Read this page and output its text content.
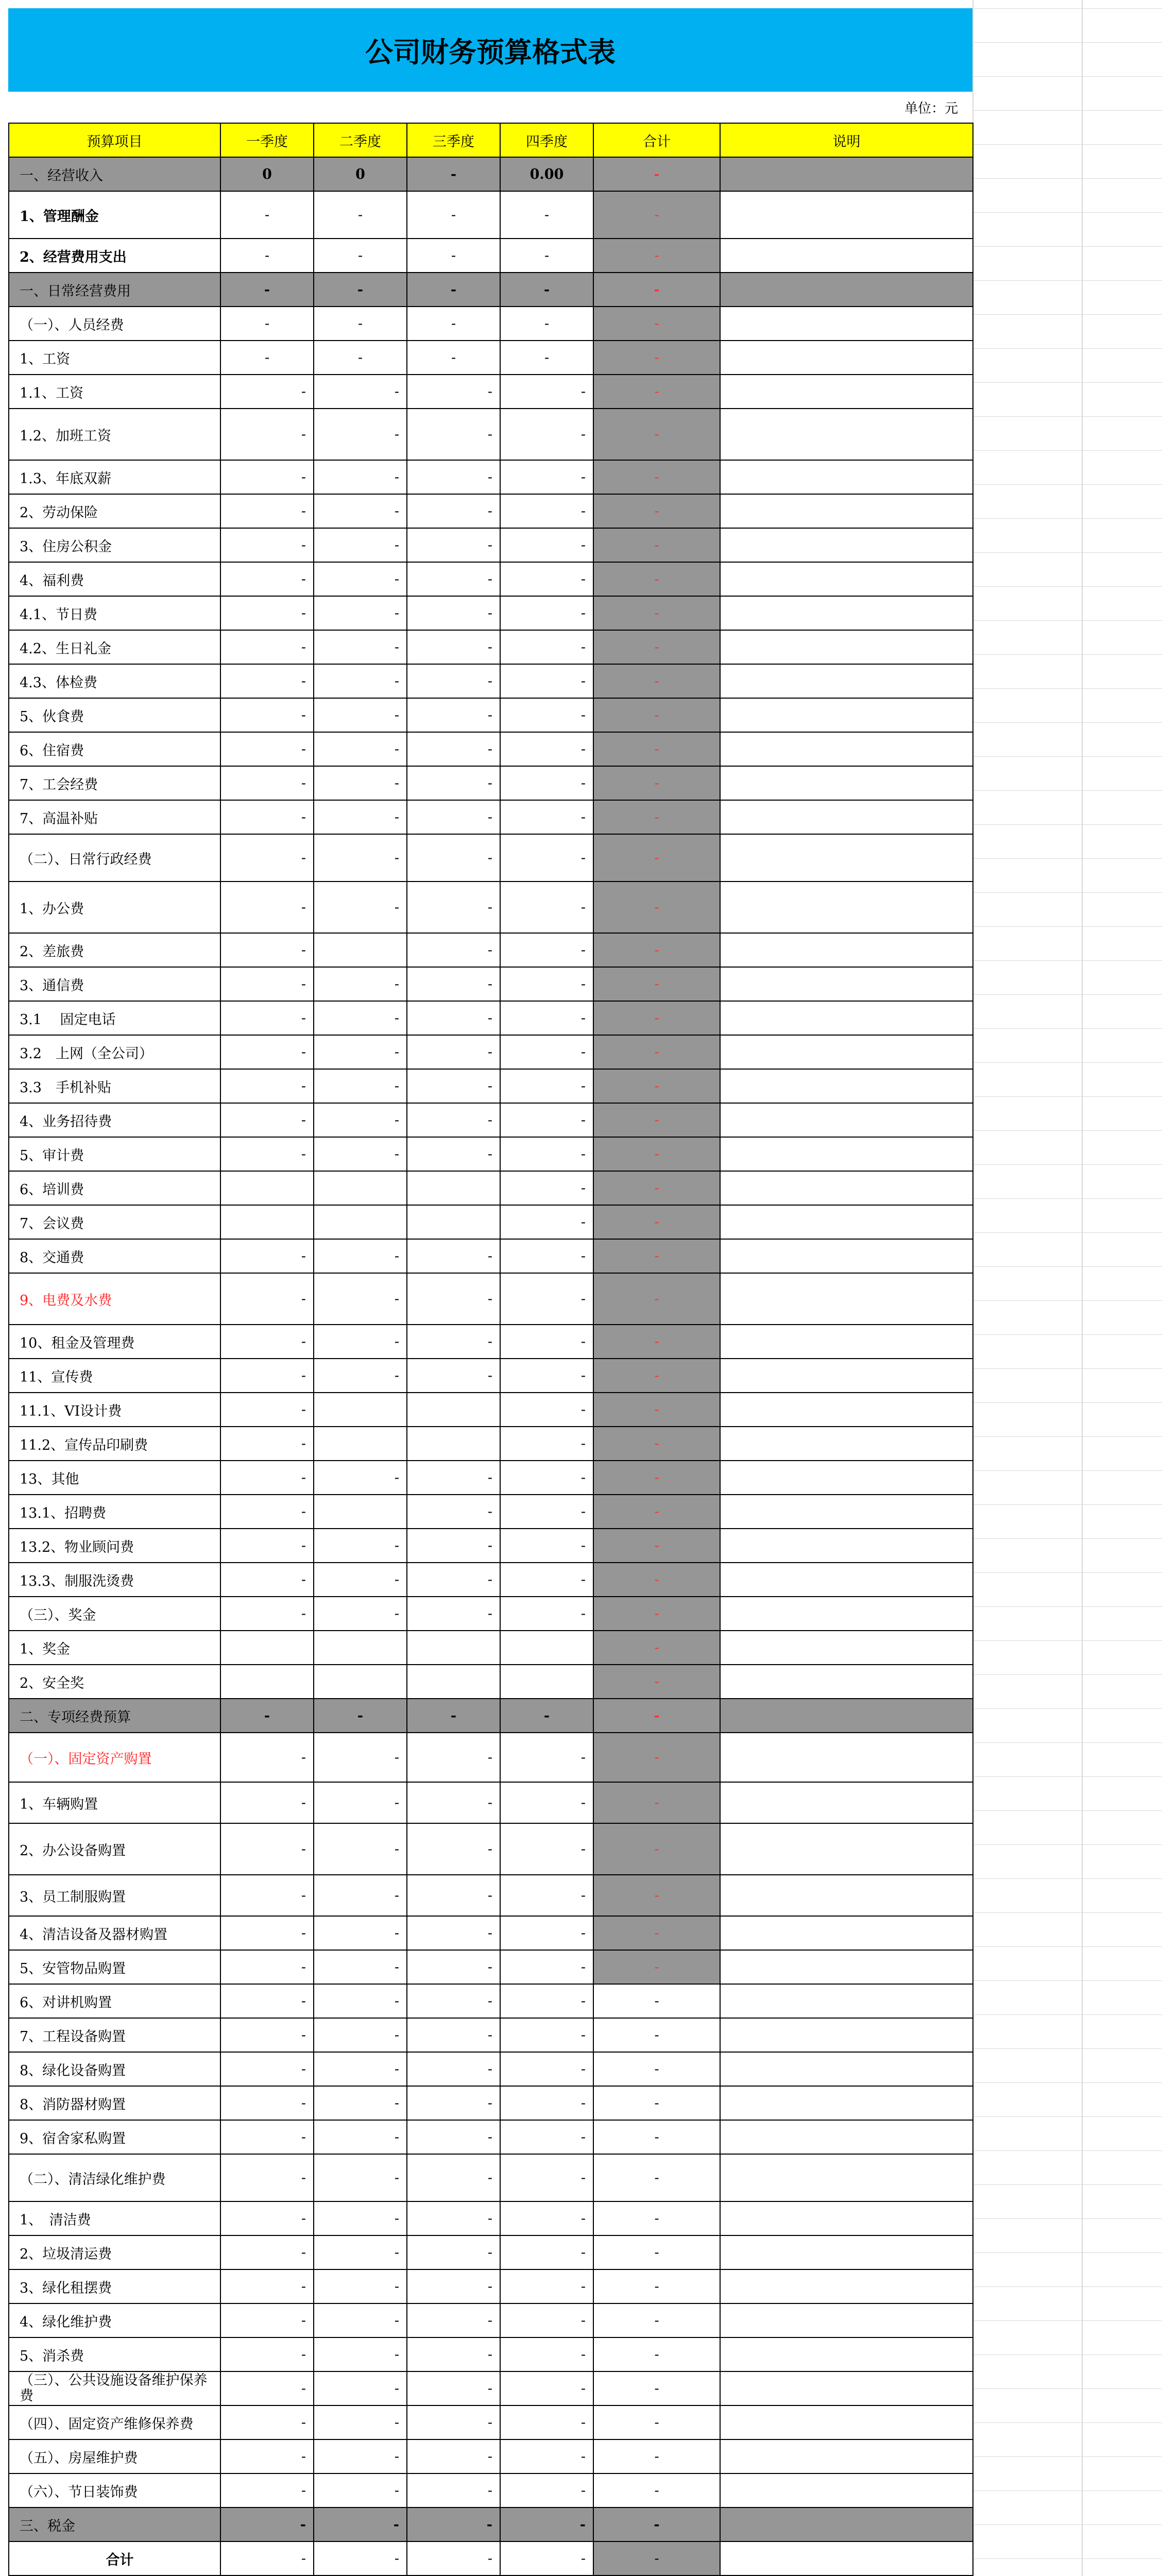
公司财务预算格式表
单位：元
预算项目	一季度	二季度	三季度	四季度	合计	说明
一、经营收入	0	0	-	0.00	-	
1、管理酬金	-	-	-	-	-	
2、经营费用支出	-	-	-	-	-	
一、日常经营费用	-	-	-	-	-	
（一）、人员经费	-	-	-	-	-	
1、工资	-	-	-	-	-	
1.1、工资	-	-	-	-	-	
1.2、加班工资	-	-	-	-	-	
1.3、年底双薪	-	-	-	-	-	
2、劳动保险	-	-	-	-	-	
3、住房公积金	-	-	-	-	-	
4、福利费	-	-	-	-	-	
4.1、节日费	-	-	-	-	-	
4.2、生日礼金	-	-	-	-	-	
4.3、体检费	-	-	-	-	-	
5、伙食费	-	-	-	-	-	
6、住宿费	-	-	-	-	-	
7、工会经费	-	-	-	-	-	
7、高温补贴	-	-	-	-	-	
（二）、日常行政经费	-	-	-	-	-	
1、办公费	-	-	-	-	-	
2、差旅费	-		-	-	-	
3、通信费	-	-	-	-	-	
3.1　 固定电话	-	-	-	-	-	
3.2　上网（全公司）	-	-	-	-	-	
3.3　手机补贴	-	-	-	-	-	
4、业务招待费	-	-	-	-	-	
5、审计费	-	-	-	-	-	
6、培训费				-	-	
7、会议费				-	-	
8、交通费	-	-	-	-	-	
9、电费及水费	-	-	-	-	-	
10、租金及管理费	-	-	-	-	-	
11、宣传费	-	-	-	-	-	
11.1、VI设计费	-			-	-	
11.2、宣传品印刷费	-			-	-	
13、其他	-	-	-	-	-	
13.1、招聘费	-		-	-	-	
13.2、物业顾问费	-	-	-	-	-	
13.3、制服洗烫费	-	-	-	-	-	
（三）、奖金	-	-	-	-	-	
1、奖金					-	
2、安全奖					-	
二、专项经费预算	-	-	-	-	-	
（一）、固定资产购置	-	-	-	-	-	
1、车辆购置	-	-	-	-	-	
2、办公设备购置	-	-	-	-	-	
3、员工制服购置	-	-	-	-	-	
4、清洁设备及器材购置	-	-	-	-	-	
5、安管物品购置	-	-	-	-	-	
6、对讲机购置	-	-	-	-	-	
7、工程设备购置	-	-	-	-	-	
8、绿化设备购置	-	-	-	-	-	
8、消防器材购置	-	-	-	-	-	
9、宿舍家私购置	-	-	-	-	-	
（二）、清洁绿化维护费	-	-	-	-	-	
1、　清洁费	-	-	-	-	-	
2、垃圾清运费	-	-	-	-	-	
3、绿化租摆费	-	-	-	-	-	
4、绿化维护费	-	-	-	-	-	
5、消杀费	-	-	-	-	-	
（三）、公共设施设备维护保养费	-	-	-	-	-	
（四）、固定资产维修保养费	-	-	-	-	-	
（五）、房屋维护费	-	-	-	-	-	
（六）、节日装饰费	-	-	-	-	-	
三、税金	-	-	-	-	-	
合计	-	-	-	-	-	
